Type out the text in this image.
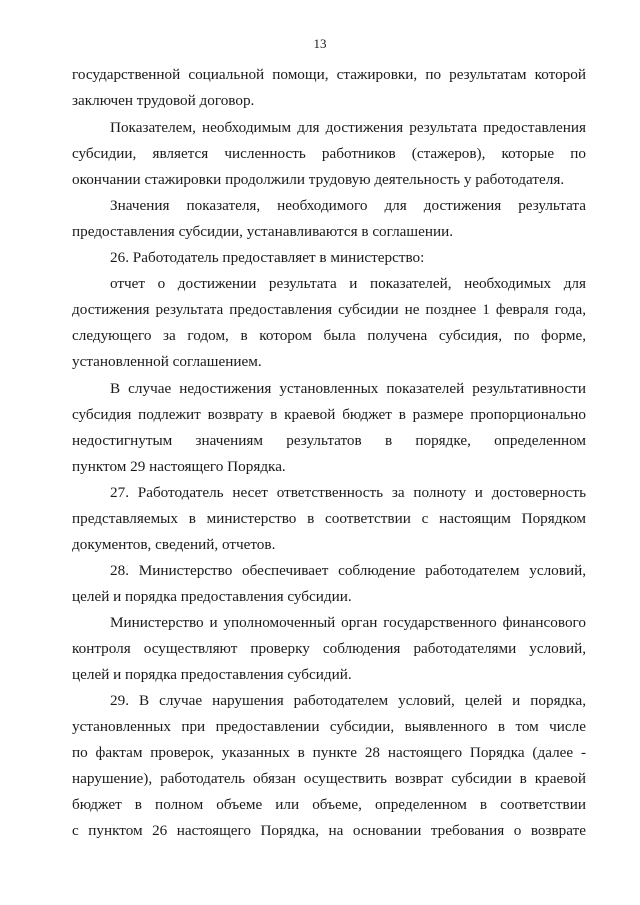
13
государственной социальной помощи, стажировки, по результатам которой
заключен трудовой договор.
Показателем, необходимым для достижения результата предоставления
субсидии, является численность работников (стажеров), которые по
окончании стажировки продолжили трудовую деятельность у работодателя.
Значения показателя, необходимого для достижения результата
предоставления субсидии, устанавливаются в соглашении.
26. Работодатель предоставляет в министерство:
отчет о достижении результата и показателей, необходимых для
достижения результата предоставления субсидии не позднее 1 февраля года,
следующего за годом, в котором была получена субсидия, по форме,
установленной соглашением.
В случае недостижения установленных показателей результативности
субсидия подлежит возврату в краевой бюджет в размере пропорционально
недостигнутым значениям результатов в порядке, определенном
пунктом 29 настоящего Порядка.
27. Работодатель несет ответственность за полноту и достоверность
представляемых в министерство в соответствии с настоящим Порядком
документов, сведений, отчетов.
28. Министерство обеспечивает соблюдение работодателем условий,
целей и порядка предоставления субсидии.
Министерство и уполномоченный орган государственного финансового
контроля осуществляют проверку соблюдения работодателями условий,
целей и порядка предоставления субсидий.
29. В случае нарушения работодателем условий, целей и порядка,
установленных при предоставлении субсидии, выявленного в том числе
по фактам проверок, указанных в пункте 28 настоящего Порядка (далее -
нарушение), работодатель обязан осуществить возврат субсидии в краевой
бюджет в полном объеме или объеме, определенном в соответствии
с пунктом 26 настоящего Порядка, на основании требования о возврате
